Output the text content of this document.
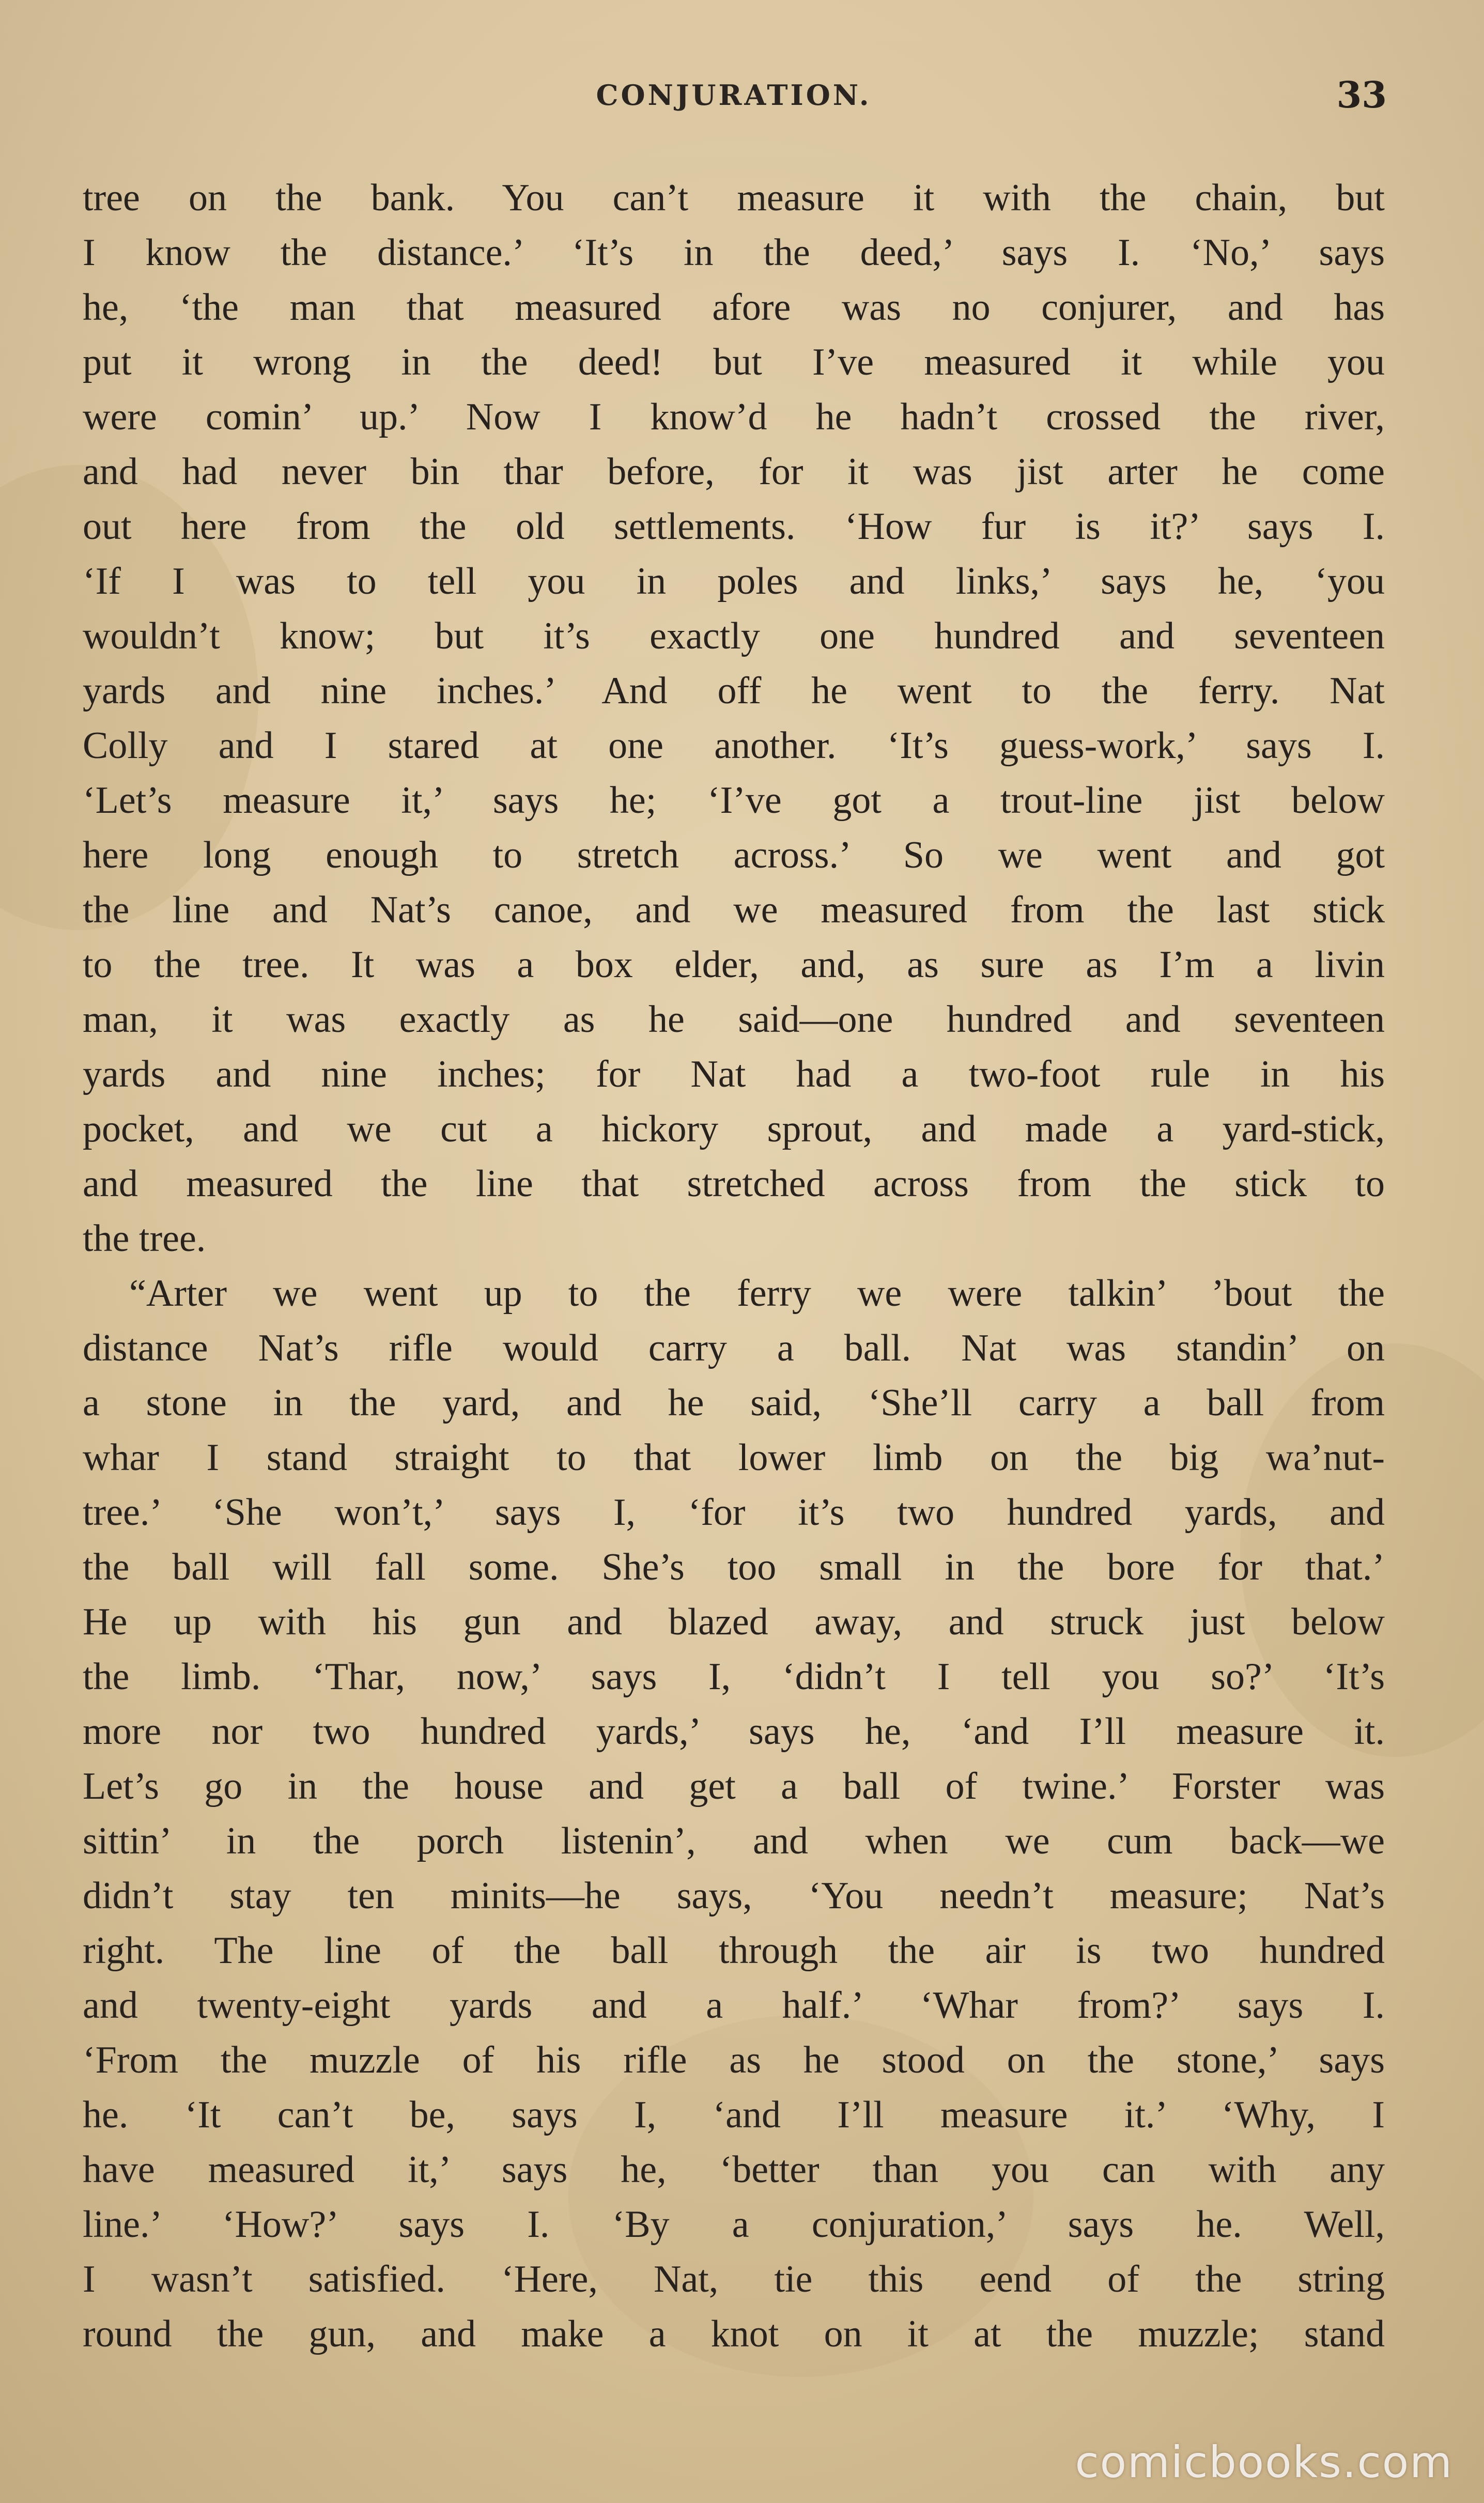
CONJURATION.	33
tree on the bank. You can’t measure it with the chain, but
I know the distance.’ ‘It’s in the deed,’ says I. ‘No,’ says
he, ‘the man that measured afore was no conjurer, and has
put it wrong in the deed! but I’ve measured it while you
were comin’ up.’ Now I know’d he hadn’t crossed the river,
and had never bin thar before, for it was jist arter he come
out here from the old settlements. ‘How fur is it?’ says I.
‘If I was to tell you in poles and links,’ says he, ‘you
wouldn’t know; but it’s exactly one hundred and seventeen
yards and nine inches.’ And off he went to the ferry. Nat
Colly and I stared at one another. ‘It’s guess-work,’ says I.
‘Let’s measure it,’ says he; ‘I’ve got a trout-line jist below
here long enough to stretch across.’ So we went and got
the line and Nat’s canoe, and we measured from the last stick
to the tree. It was a box elder, and, as sure as I’m a livin
man, it was exactly as he said—one hundred and seventeen
yards and nine inches; for Nat had a two-foot rule in his
pocket, and we cut a hickory sprout, and made a yard-stick,
and measured the line that stretched across from the stick to
the tree.
“Arter we went up to the ferry we were talkin’ ’bout the
distance Nat’s rifle would carry a ball. Nat was standin’ on
a stone in the yard, and he said, ‘She’ll carry a ball from
whar I stand straight to that lower limb on the big wa’nut-
tree.’ ‘She won’t,’ says I, ‘for it’s two hundred yards, and
the ball will fall some. She’s too small in the bore for that.’
He up with his gun and blazed away, and struck just below
the limb. ‘Thar, now,’ says I, ‘didn’t I tell you so?’ ‘It’s
more nor two hundred yards,’ says he, ‘and I’ll measure it.
Let’s go in the house and get a ball of twine.’ Forster was
sittin’ in the porch listenin’, and when we cum back—we
didn’t stay ten minits—he says, ‘You needn’t measure; Nat’s
right. The line of the ball through the air is two hundred
and twenty-eight yards and a half.’ ‘Whar from?’ says I.
‘From the muzzle of his rifle as he stood on the stone,’ says
he. ‘It can’t be, says I, ‘and I’ll measure it.’ ‘Why, I
have measured it,’ says he, ‘better than you can with any
line.’ ‘How?’ says I. ‘By a conjuration,’ says he. Well,
I wasn’t satisfied. ‘Here, Nat, tie this eend of the string
round the gun, and make a knot on it at the muzzle; stand
comicbooks.com
